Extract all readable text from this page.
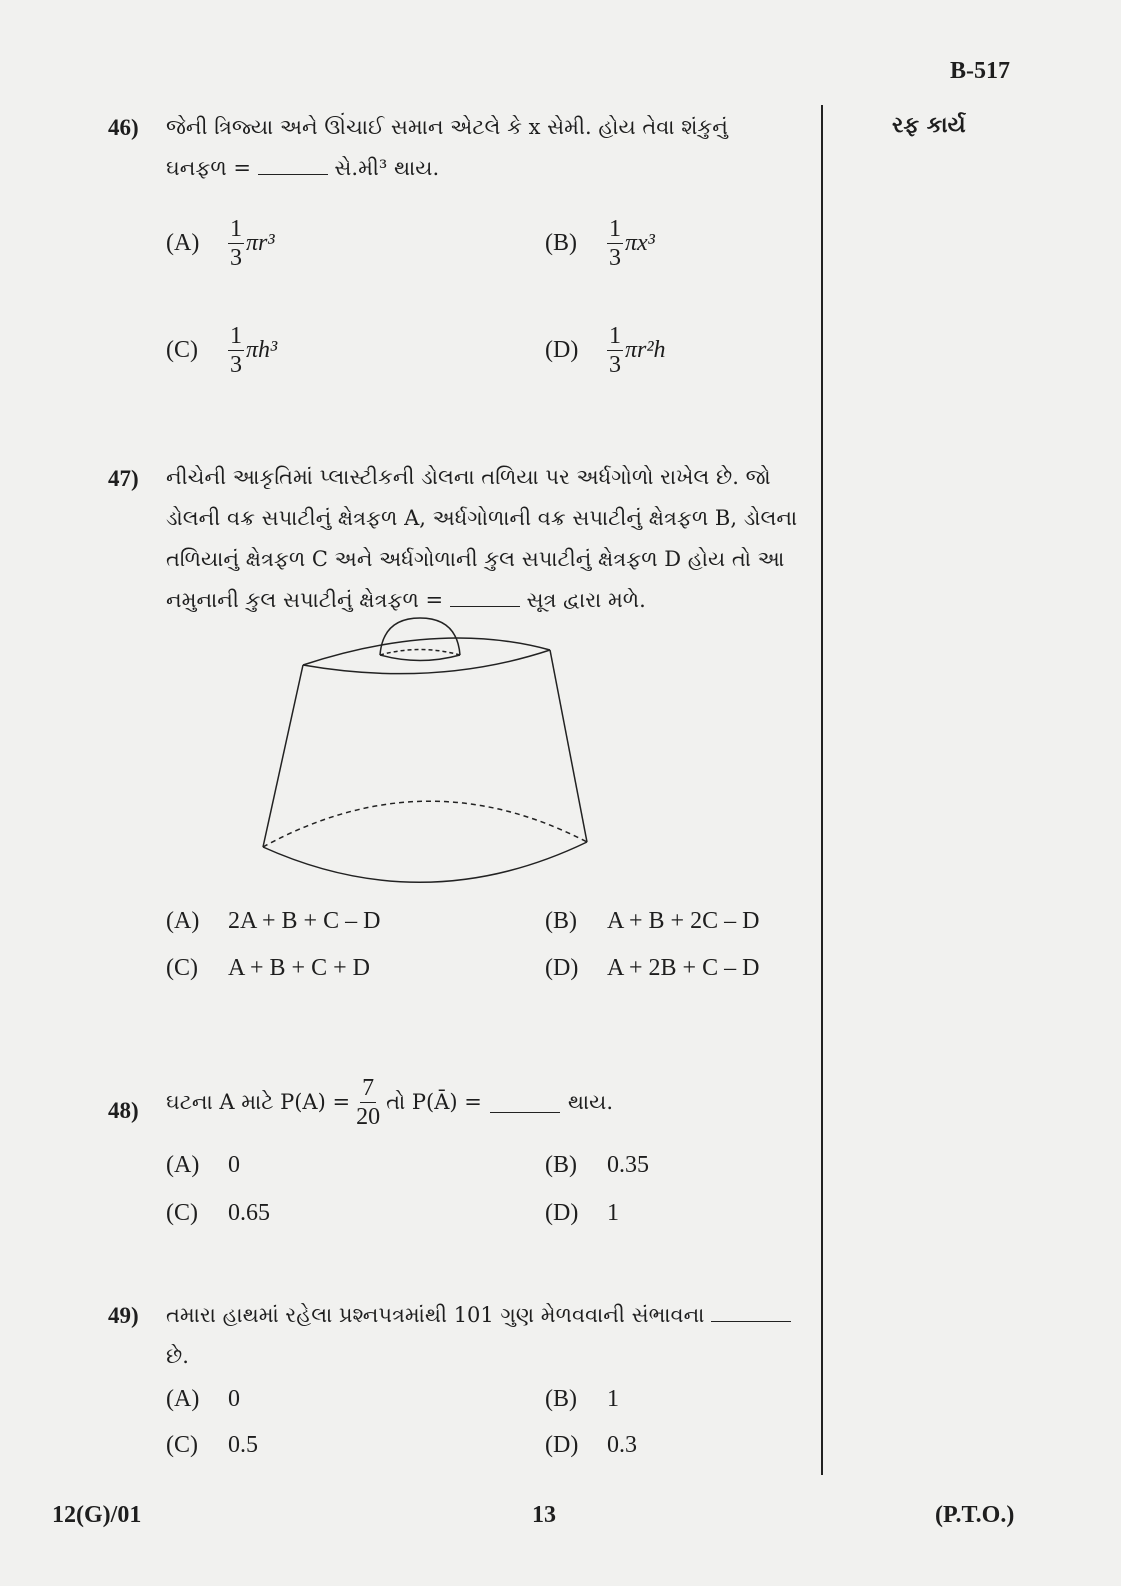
B-517
રફ કાર્ય
46) જેની ત્રિજ્યા અને ઊંચાઈ સમાન એટલે કે x સેમી. હોય તેવા શંકુનું
ઘનફળ =	સે.મી³ થાય.
(A)	$\frac{1}{3} \pi r^3$	(B)	$\frac{1}{3} \pi x^3$
(C)	$\frac{1}{3} \pi h^3$	(D)	$\frac{1}{3} \pi r^2h$
47) નીચેની આકૃતિમાં પ્લાસ્ટીકની ડોલના તળિયા પર અર્ધગોળો રાખેલ છે. જો
ડોલની વક્ર સપાટીનું ક્ષેત્રફળ A, અર્ધગોળાની વક્ર સપાટીનું ક્ષેત્રફળ B, ડોલના
તળિયાનું ક્ષેત્રફળ C અને અર્ધગોળાની કુલ સપાટીનું ક્ષેત્રફળ D હોય તો આ
નમુનાની કુલ સપાટીનું ક્ષેત્રફળ =	સૂત્ર દ્વારા મળે.
(A)	2A + B + C – D	(B)	A + B + 2C – D
(C)	A + B + C + D	(D)	A + 2B + C – D
48) ઘટના A માટે $P(A) = \frac{7}{20}$ તો P(Ā) =	થાય.
(A)	0	(B)	0.35
(C)	0.65	(D)	1
49) તમારા હાથમાં રહેલા પ્રશ્નપત્રમાંથી 101 ગુણ મેળવવાની સંભાવના
છે.
(A)	0	(B)	1
(C)	0.5	(D)	0.3
12(G)/01	13	(P.T.O.)
